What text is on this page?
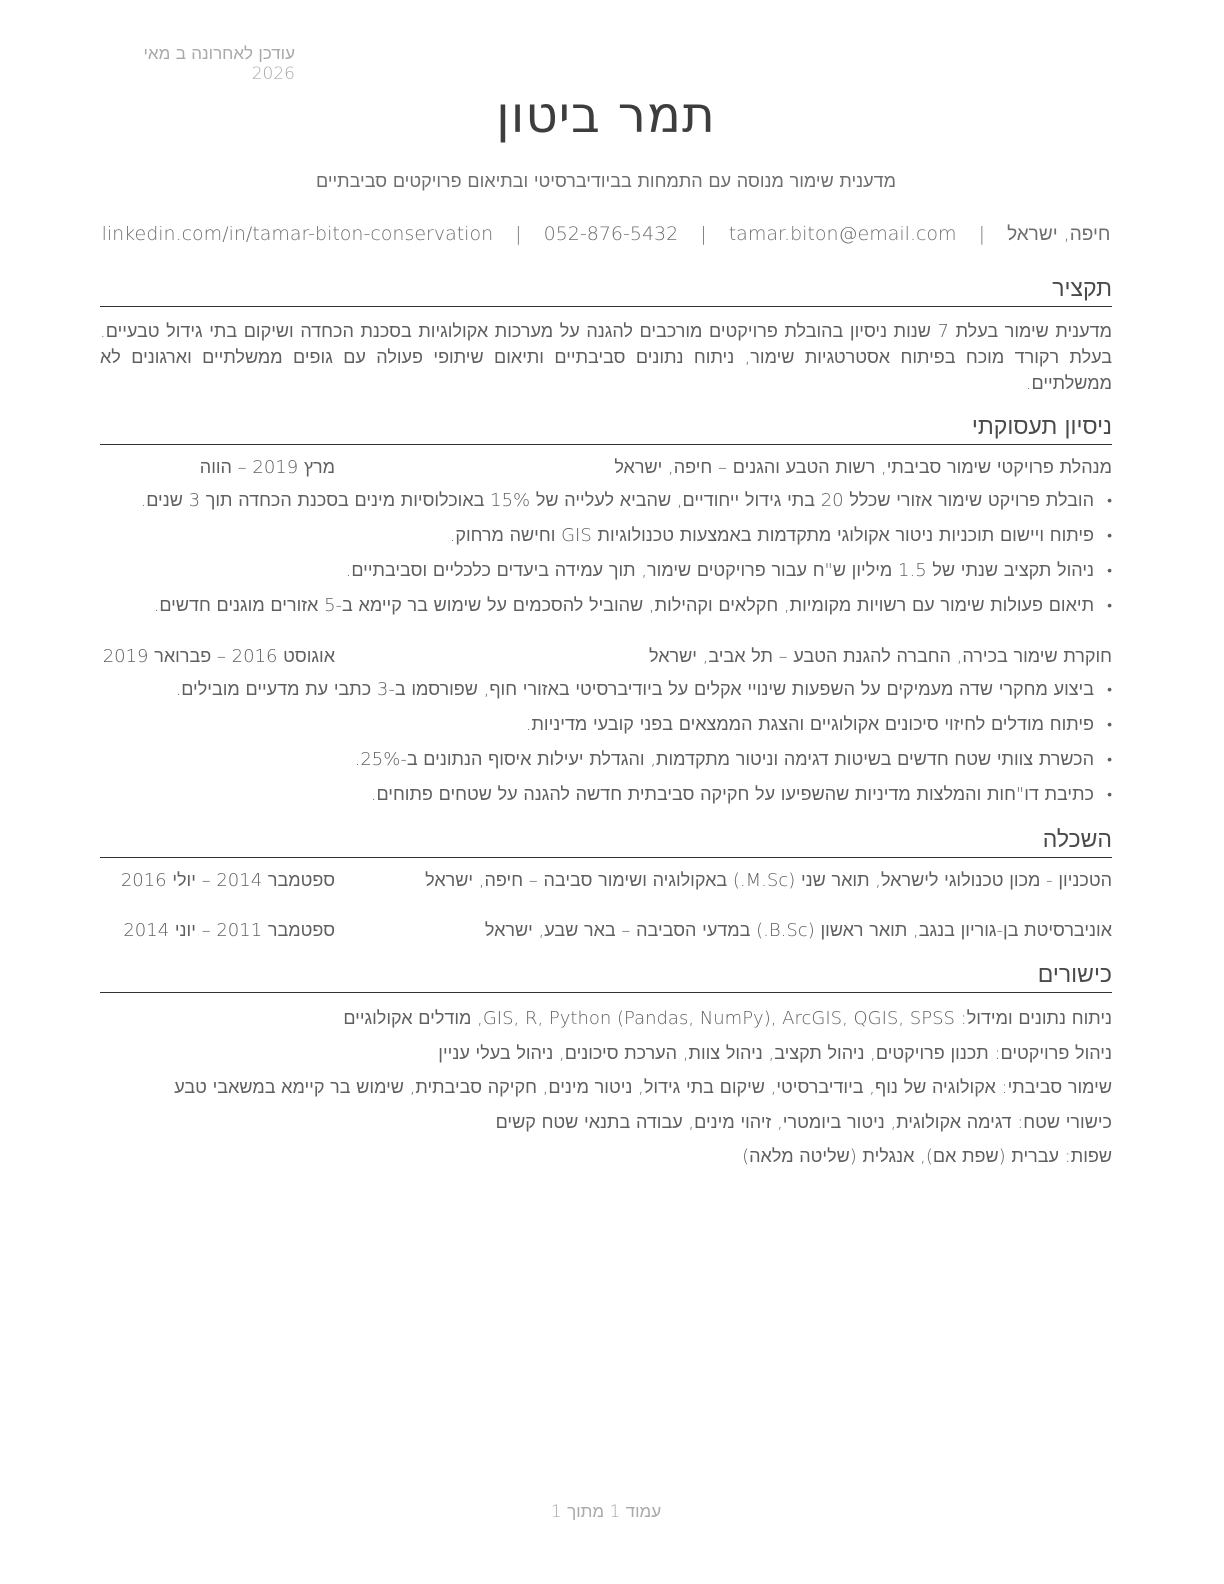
עודכן לאחרונה ב מאי 2026
תמר ביטון
מדענית שימור מנוסה עם התמחות בביודיברסיטי ובתיאום פרויקטים סביבתיים
חיפה, ישראל | tamar.biton@email.com | 052-876-5432 | linkedin.com/in/tamar-biton-conservation
תקציר
מדענית שימור בעלת 7 שנות ניסיון בהובלת פרויקטים מורכבים להגנה על מערכות אקולוגיות בסכנת הכחדה ושיקום בתי גידול טבעיים. בעלת רקורד מוכח בפיתוח אסטרטגיות שימור, ניתוח נתונים סביבתיים ותיאום שיתופי פעולה עם גופים ממשלתיים וארגונים לא ממשלתיים.
ניסיון תעסוקתי
מנהלת פרויקטי שימור סביבתי, רשות הטבע והגנים – חיפה, ישראל
מרץ 2019 – הווה
• הובלת פרויקט שימור אזורי שכלל 20 בתי גידול ייחודיים, שהביא לעלייה של 15% באוכלוסיות מינים בסכנת הכחדה תוך 3 שנים.
• פיתוח ויישום תוכניות ניטור אקולוגי מתקדמות באמצעות טכנולוגיות GIS וחישה מרחוק.
• ניהול תקציב שנתי של 1.5 מיליון ש"ח עבור פרויקטים שימור, תוך עמידה ביעדים כלכליים וסביבתיים.
• תיאום פעולות שימור עם רשויות מקומיות, חקלאים וקהילות, שהוביל להסכמים על שימוש בר קיימא ב-5 אזורים מוגנים חדשים.
חוקרת שימור בכירה, החברה להגנת הטבע – תל אביב, ישראל
אוגוסט 2016 – פברואר 2019
• ביצוע מחקרי שדה מעמיקים על השפעות שינויי אקלים על ביודיברסיטי באזורי חוף, שפורסמו ב-3 כתבי עת מדעיים מובילים.
• פיתוח מודלים לחיזוי סיכונים אקולוגיים והצגת הממצאים בפני קובעי מדיניות.
• הכשרת צוותי שטח חדשים בשיטות דגימה וניטור מתקדמות, והגדלת יעילות איסוף הנתונים ב-25%.
• כתיבת דו"חות והמלצות מדיניות שהשפיעו על חקיקה סביבתית חדשה להגנה על שטחים פתוחים.
השכלה
הטכניון - מכון טכנולוגי לישראל, תואר שני (M.Sc.) באקולוגיה ושימור סביבה – חיפה, ישראל
ספטמבר 2014 – יולי 2016
אוניברסיטת בן-גוריון בנגב, תואר ראשון (B.Sc.) במדעי הסביבה – באר שבע, ישראל
ספטמבר 2011 – יוני 2014
כישורים
ניתוח נתונים ומידול: GIS, R, Python (Pandas, NumPy), ArcGIS, QGIS, SPSS, מודלים אקולוגיים
ניהול פרויקטים: תכנון פרויקטים, ניהול תקציב, ניהול צוות, הערכת סיכונים, ניהול בעלי עניין
שימור סביבתי: אקולוגיה של נוף, ביודיברסיטי, שיקום בתי גידול, ניטור מינים, חקיקה סביבתית, שימוש בר קיימא במשאבי טבע
כישורי שטח: דגימה אקולוגית, ניטור ביומטרי, זיהוי מינים, עבודה בתנאי שטח קשים
שפות: עברית (שפת אם), אנגלית (שליטה מלאה)
עמוד 1 מתוך 1
